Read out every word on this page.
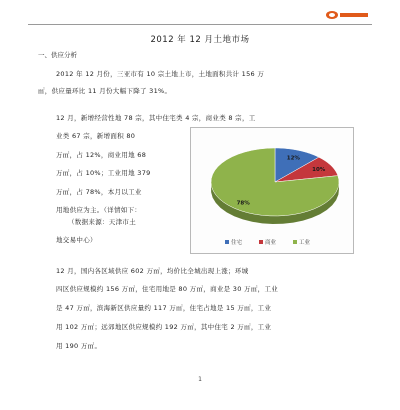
2012 年 12 月土地市场
一、供应分析
2012 年 12 月份，三亚市有 10 宗土地上市，土地面积共计 156 万
㎡，供应量环比 11 月份大幅下降了 31%。
12 月，新增经营性地 78 宗，其中住宅类 4 宗，商业类 8 宗，工
业类 67 宗，新增面积 80
万㎡，占 12%，商业用地 68
万㎡，占 10%；工业用地 379
万㎡，占 78%，本月以工业
用地供应为主。（详情如下：
（数据来源：天津市土
地交易中心）
12%
10%
78%
住宅	商业	工业
12 月，国内各区域供应 602 万㎡，均价比全城出现上涨；环城
四区供应规模约 156 万㎡，住宅用地是 80 万㎡，商业是 30 万㎡，工业
是 47 万㎡，滨海新区供应量约 117 万㎡，住宅占地是 15 万㎡，工业
用 102 万㎡；远郊地区供应规模约 192 万㎡，其中住宅 2 万㎡，工业
用 190 万㎡。
1
